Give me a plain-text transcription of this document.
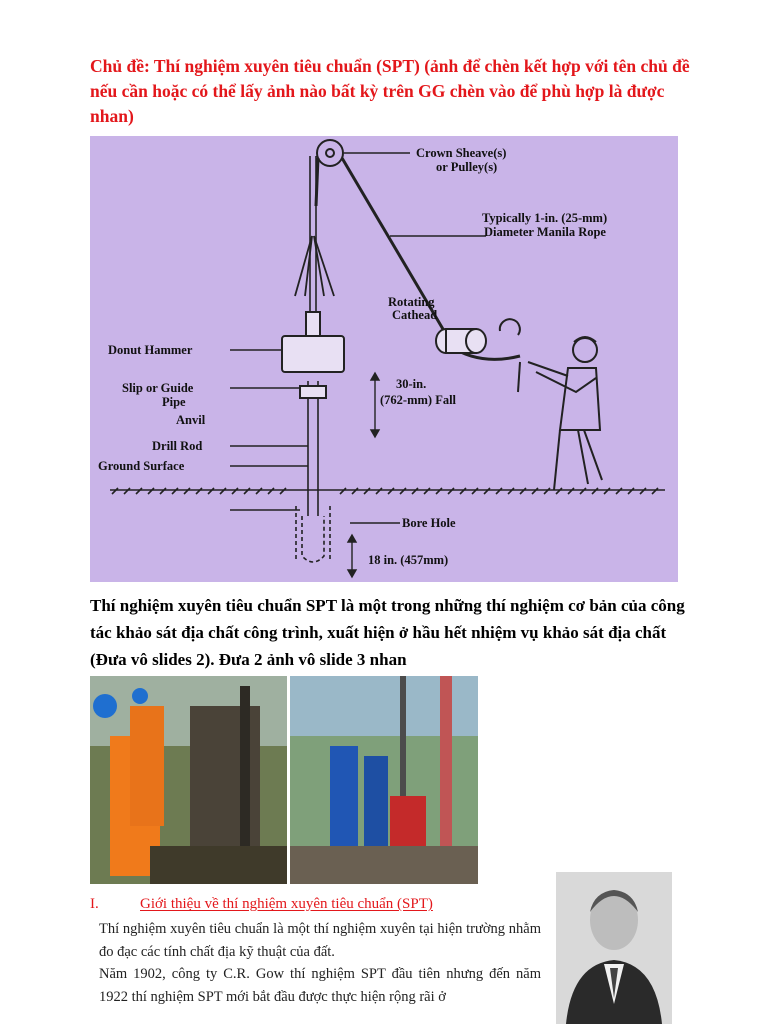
Chủ đề: Thí nghiệm xuyên tiêu chuẩn (SPT) (ảnh để chèn kết hợp với tên chủ đề nếu cần hoặc có thể lấy ảnh nào bất kỳ trên GG chèn vào để phù hợp là được nhan)
Crown Sheave(s)
or Pulley(s)
Typically 1-in. (25-mm)
Diameter Manila Rope
Rotating
Cathead
Donut Hammer
Slip or Guide
Pipe
30-in.
(762-mm) Fall
Anvil
Drill Rod
Ground Surface
Bore Hole
18 in. (457mm)
Thí nghiệm xuyên tiêu chuẩn SPT là một trong những thí nghiệm cơ bản của công tác khảo sát địa chất công trình, xuất hiện ở hầu hết nhiệm vụ khảo sát địa chất (Đưa vô slides 2). Đưa 2 ảnh vô slide 3 nhan
I.	Giới thiệu về thí nghiệm xuyên tiêu chuẩn (SPT)

Thí nghiệm xuyên tiêu chuẩn là một thí nghiệm xuyên tại hiện trường nhằm đo đạc các tính chất địa kỹ thuật của đất.

Năm 1902, công ty C.R. Gow thí nghiệm SPT đầu tiên nhưng đến năm 1922 thí nghiệm SPT mới bắt đầu được thực hiện rộng rãi ở
